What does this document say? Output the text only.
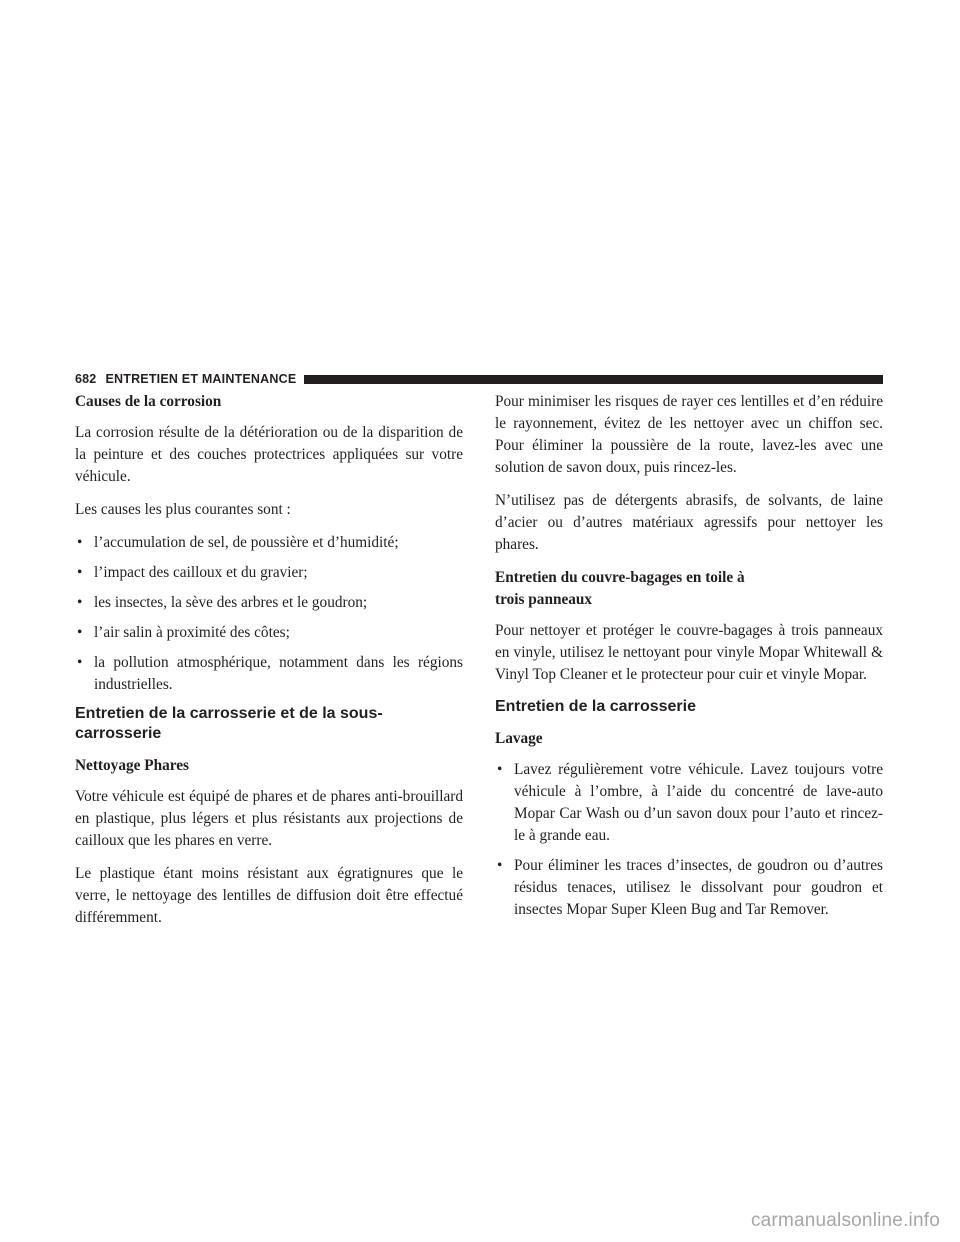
682 ENTRETIEN ET MAINTENANCE

Causes de la corrosion

La corrosion résulte de la détérioration ou de la disparition de la peinture et des couches protectrices appliquées sur votre véhicule.

Les causes les plus courantes sont :

• l’accumulation de sel, de poussière et d’humidité;
• l’impact des cailloux et du gravier;
• les insectes, la sève des arbres et le goudron;
• l’air salin à proximité des côtes;
• la pollution atmosphérique, notamment dans les régions industrielles.
Entretien de la carrosserie et de la sous-carrosserie

Nettoyage Phares

Votre véhicule est équipé de phares et de phares anti-brouillard en plastique, plus légers et plus résistants aux projections de cailloux que les phares en verre.

Le plastique étant moins résistant aux égratignures que le verre, le nettoyage des lentilles de diffusion doit être effectué différemment.

Pour minimiser les risques de rayer ces lentilles et d’en réduire le rayonnement, évitez de les nettoyer avec un chiffon sec. Pour éliminer la poussière de la route, lavez-les avec une solution de savon doux, puis rincez-les.

N’utilisez pas de détergents abrasifs, de solvants, de laine d’acier ou d’autres matériaux agressifs pour nettoyer les phares.

Entretien du couvre-bagages en toile à
trois panneaux

Pour nettoyer et protéger le couvre-bagages à trois panneaux en vinyle, utilisez le nettoyant pour vinyle Mopar Whitewall & Vinyl Top Cleaner et le protecteur pour cuir et vinyle Mopar.

Entretien de la carrosserie

Lavage

• Lavez régulièrement votre véhicule. Lavez toujours votre véhicule à l’ombre, à l’aide du concentré de lave-auto Mopar Car Wash ou d’un savon doux pour l’auto et rincez-le à grande eau.
• Pour éliminer les traces d’insectes, de goudron ou d’autres résidus tenaces, utilisez le dissolvant pour goudron et insectes Mopar Super Kleen Bug and Tar Remover.
carmanualsonline.info
